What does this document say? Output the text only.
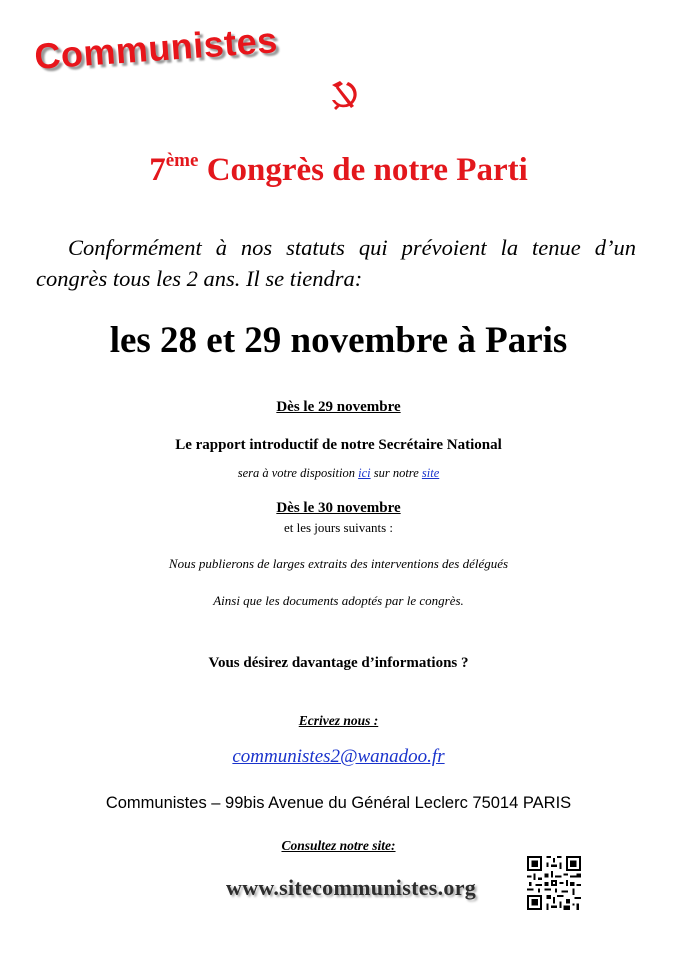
Communistes
7ème Congrès de notre Parti
Conformément à nos statuts qui prévoient la tenue d’un congrès tous les 2 ans. Il se tiendra:
les 28 et 29 novembre à Paris
Dès le 29 novembre
Le rapport introductif de notre Secrétaire National
sera à votre disposition ici sur notre site
Dès le 30 novembre
et les jours suivants :
Nous publierons de larges extraits des interventions des délégués
Ainsi que les documents adoptés par le congrès.
Vous désirez davantage d’informations ?
Ecrivez nous :
communistes2@wanadoo.fr
Communistes – 99bis Avenue du Général Leclerc 75014 PARIS
Consultez notre site:
www.sitecommunistes.org
